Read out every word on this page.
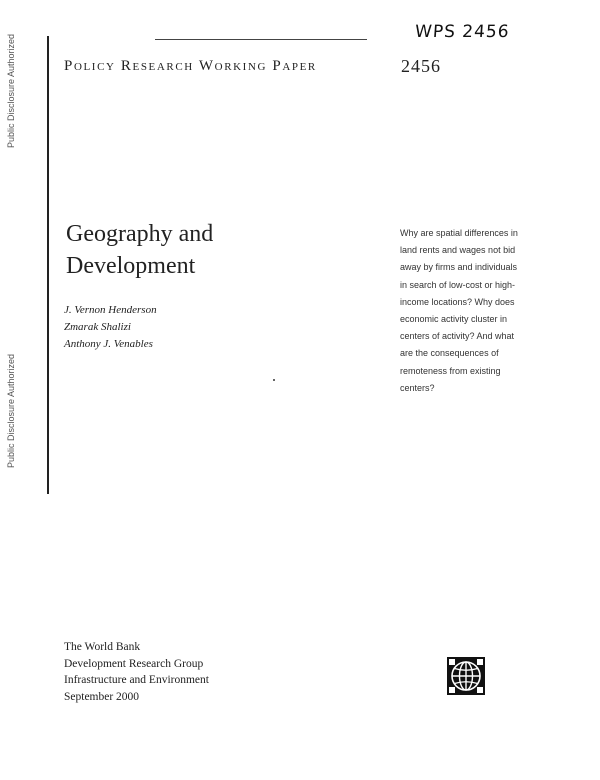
Public Disclosure Authorized
Public Disclosure Authorized
WPS 2456
Policy Research Working Paper	2456
Geography and
Development
J. Vernon Henderson
Zmarak Shalizi
Anthony J. Venables
Why are spatial differences in
land rents and wages not bid
away by firms and individuals
in search of low-cost or high-
income locations? Why does
economic activity cluster in
centers of activity? And what
are the consequences of
remoteness from existing
centers?
The World Bank
Development Research Group
Infrastructure and Environment
September 2000
